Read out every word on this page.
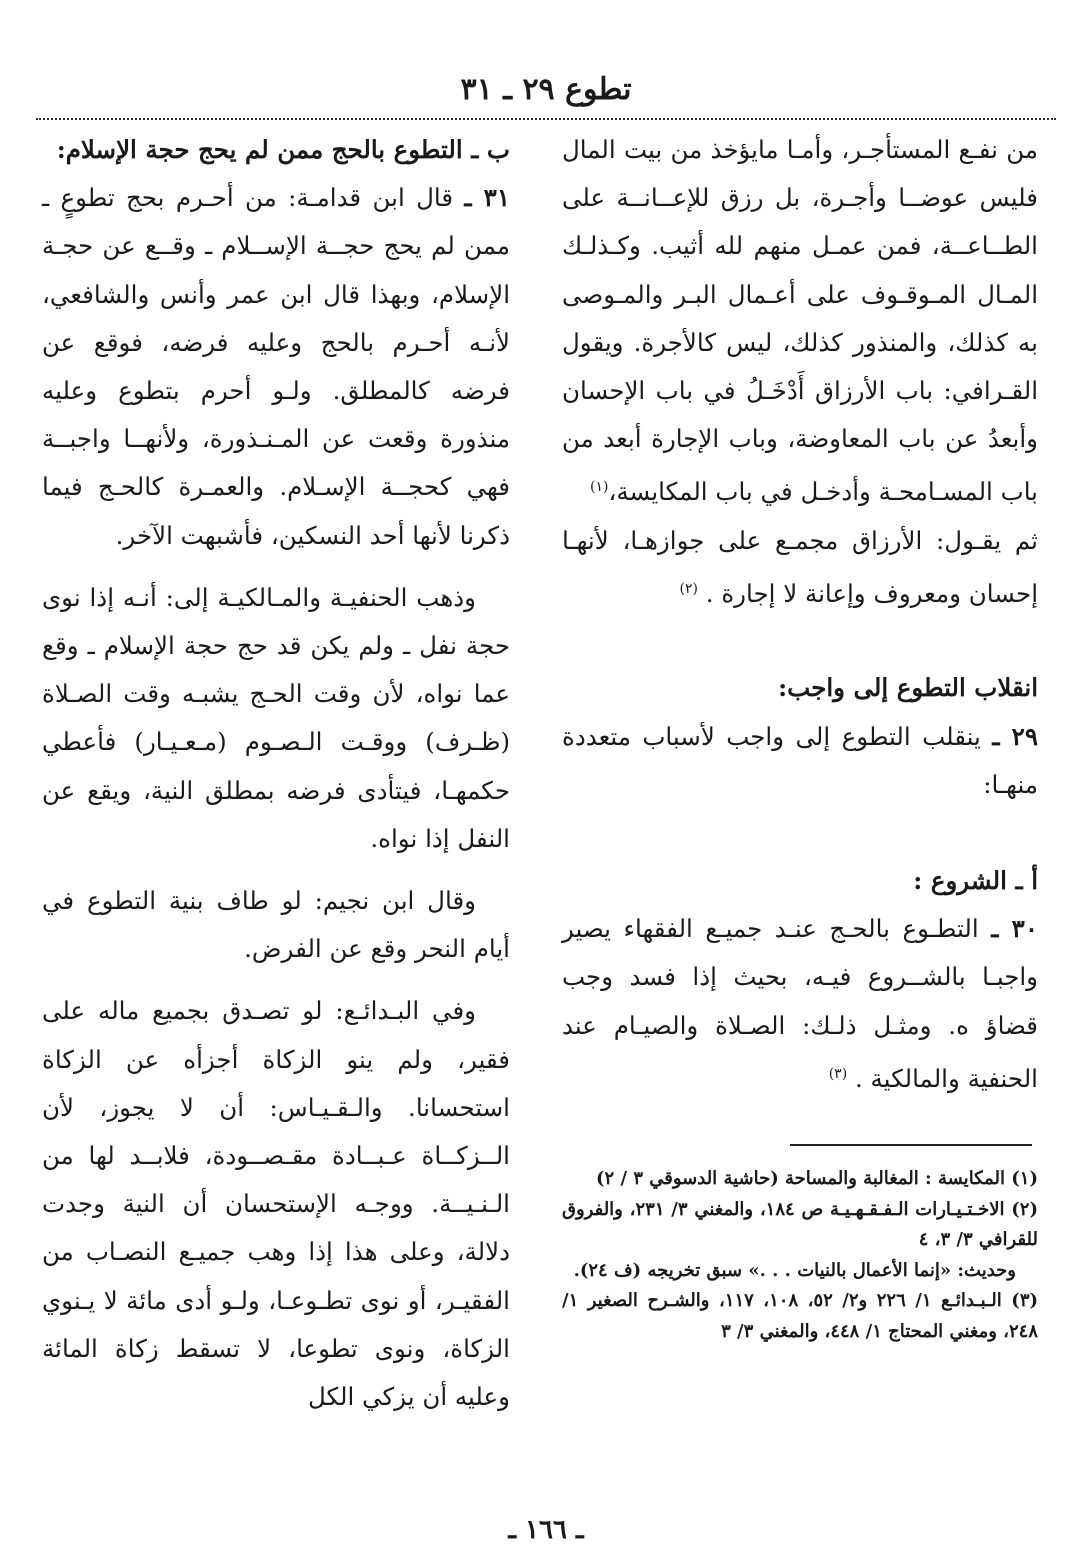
تطوع ٢٩ ـ ٣١

من نفـع المستأجـر، وأمـا مايؤخذ من بيت المال فليس عوضــا وأجـرة، بل رزق للإعــانــة على الطــاعــة، فمن عمـل منهم لله أثيب. وكـذلـك المـال المـوقـوف على أعـمال البـر والمـوصى به كذلك، والمنذور كذلك، ليس كالأجرة. ويقول القـرافي: باب الأرزاق أَدْخَـلُ في باب الإحسان وأبعدُ عن باب المعاوضة، وباب الإجارة أبعد من باب المسـامحـة وأدخـل في باب المكايسة،$^{(١)}$

ثم يقـول: الأرزاق مجمـع على جوازهـا، لأنهـا إحسان ومعروف وإعانة لا إجارة . $^{(٢)}$

انقلاب التطوع إلى واجب:

٢٩ ـ ينقلب التطوع إلى واجب لأسباب متعددة منهـا:

أ ـ الشروع :

٣٠ ـ التطـوع بالحـج عنـد جميـع الفقهاء يصير واجبـا بالشــروع فيـه، بحيث إذا فسد وجب قضاؤ ه. ومثـل ذلـك: الصـلاة والصيـام عند الحنفية والمالكية . $^{(٣)}$

(١) المكايسة : المغالبة والمساحة (حاشية الدسوقي ٣ / ٢)

(٢) الاخـتـيـارات الـفـقـهـيـة ص ١٨٤، والمغني ٣/ ٢٣١، والفروق للقرافي ٣/ ٣، ٤

وحديث: «إنما الأعمال بالنيات . . .» سبق تخريجه (ف ٢٤).

(٣) الـبـدائـع ١/ ٢٢٦ و٢/ ٥٢، ١٠٨، ١١٧، والشـرح الصغير ١/ ٢٤٨، ومغني المحتاج ١/ ٤٤٨، والمغني ٣/ ٣

ب ـ التطوع بالحج ممن لم يحج حجة الإسلام:

٣١ ـ قال ابن قدامـة: من أحـرم بحج تطوعٍ ـ ممن لم يحج حجــة الإســلام ـ وقــع عن حجـة الإسلام، وبهذا قال ابن عمر وأنس والشافعي، لأنـه أحـرم بالحج وعليه فرضه، فوقع عن فرضه كالمطلق. ولـو أحرم بتطوع وعليه منذورة وقعت عن المـنـذورة، ولأنهــا واجبــة فهي كحجــة الإسـلام. والعمـرة كالحـج فيما ذكرنا لأنها أحد النسكين، فأشبهت الآخر.

وذهب الحنفيـة والمـالكيـة إلى: أنـه إذا نوى حجة نفل ـ ولم يكن قد حج حجة الإسلام ـ وقع عما نواه، لأن وقت الحـج يشبـه وقت الصـلاة (ظـرف) ووقـت الـصـوم (مـعـيـار) فأعطي حكمهـا، فيتأدى فرضه بمطلق النية، ويقع عن النفل إذا نواه.

وقال ابن نجيم: لو طاف بنية التطوع في أيام النحر وقع عن الفرض.

وفي البـدائـع: لو تصـدق بجميع ماله على فقير، ولم ينو الزكاة أجزأه عن الزكاة استحسانا. والـقـيـاس: أن لا يجوز، لأن الــزكــاة عـبــادة مقـصــودة، فلابــد لها من الـنـيــة. ووجـه الإستحسان أن النية وجدت دلالة، وعلى هذا إذا وهب جميـع النصـاب من الفقيـر، أو نوى تطـوعـا، ولـو أدى مائة لا يـنوي الزكاة، ونوى تطوعا، لا تسقط زكاة المائة وعليه أن يزكي الكل

ـ ١٦٦ ـ
